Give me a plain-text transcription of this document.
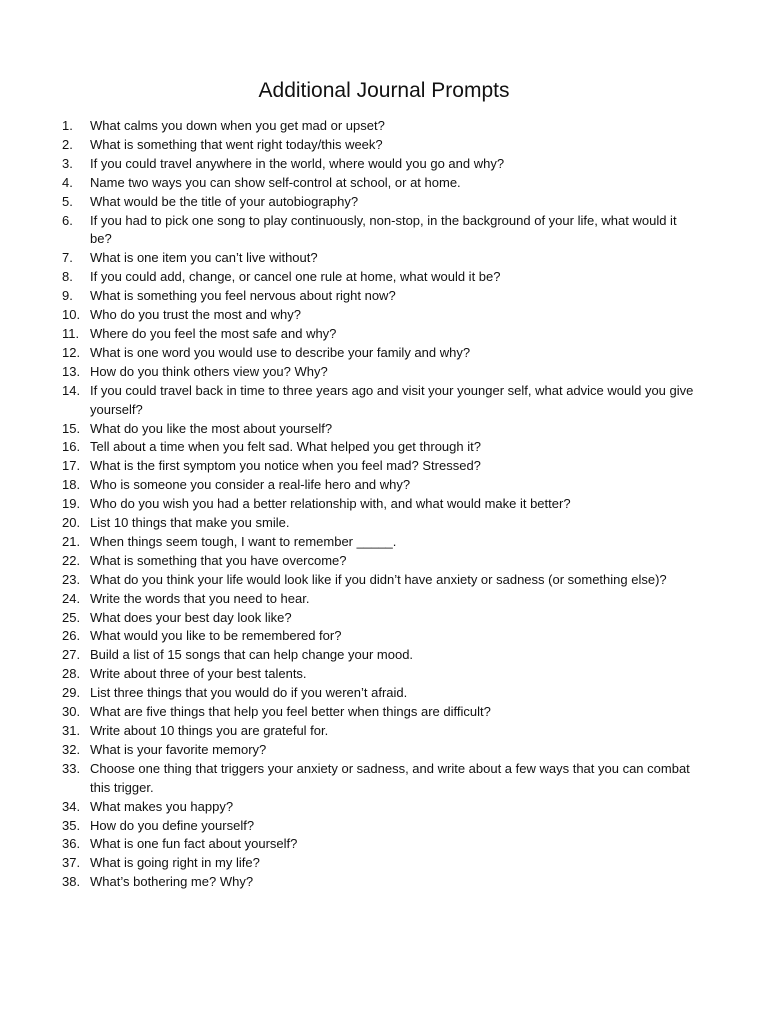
Additional Journal Prompts
1.	What calms you down when you get mad or upset?
2.	What is something that went right today/this week?
3.	If you could travel anywhere in the world, where would you go and why?
4.	Name two ways you can show self-control at school, or at home.
5.	What would be the title of your autobiography?
6.	If you had to pick one song to play continuously, non-stop, in the background of your life, what would it be?
7.	What is one item you can’t live without?
8.	If you could add, change, or cancel one rule at home, what would it be?
9.	What is something you feel nervous about right now?
10. Who do you trust the most and why?
11. Where do you feel the most safe and why?
12. What is one word you would use to describe your family and why?
13. How do you think others view you? Why?
14. If you could travel back in time to three years ago and visit your younger self, what advice would you give yourself?
15. What do you like the most about yourself?
16. Tell about a time when you felt sad. What helped you get through it?
17. What is the first symptom you notice when you feel mad? Stressed?
18. Who is someone you consider a real-life hero and why?
19. Who do you wish you had a better relationship with, and what would make it better?
20. List 10 things that make you smile.
21. When things seem tough, I want to remember _____.
22. What is something that you have overcome?
23. What do you think your life would look like if you didn’t have anxiety or sadness (or something else)?
24. Write the words that you need to hear.
25. What does your best day look like?
26. What would you like to be remembered for?
27. Build a list of 15 songs that can help change your mood.
28. Write about three of your best talents.
29. List three things that you would do if you weren’t afraid.
30. What are five things that help you feel better when things are difficult?
31. Write about 10 things you are grateful for.
32. What is your favorite memory?
33. Choose one thing that triggers your anxiety or sadness, and write about a few ways that you can combat this trigger.
34. What makes you happy?
35. How do you define yourself?
36. What is one fun fact about yourself?
37. What is going right in my life?
38. What’s bothering me? Why?
